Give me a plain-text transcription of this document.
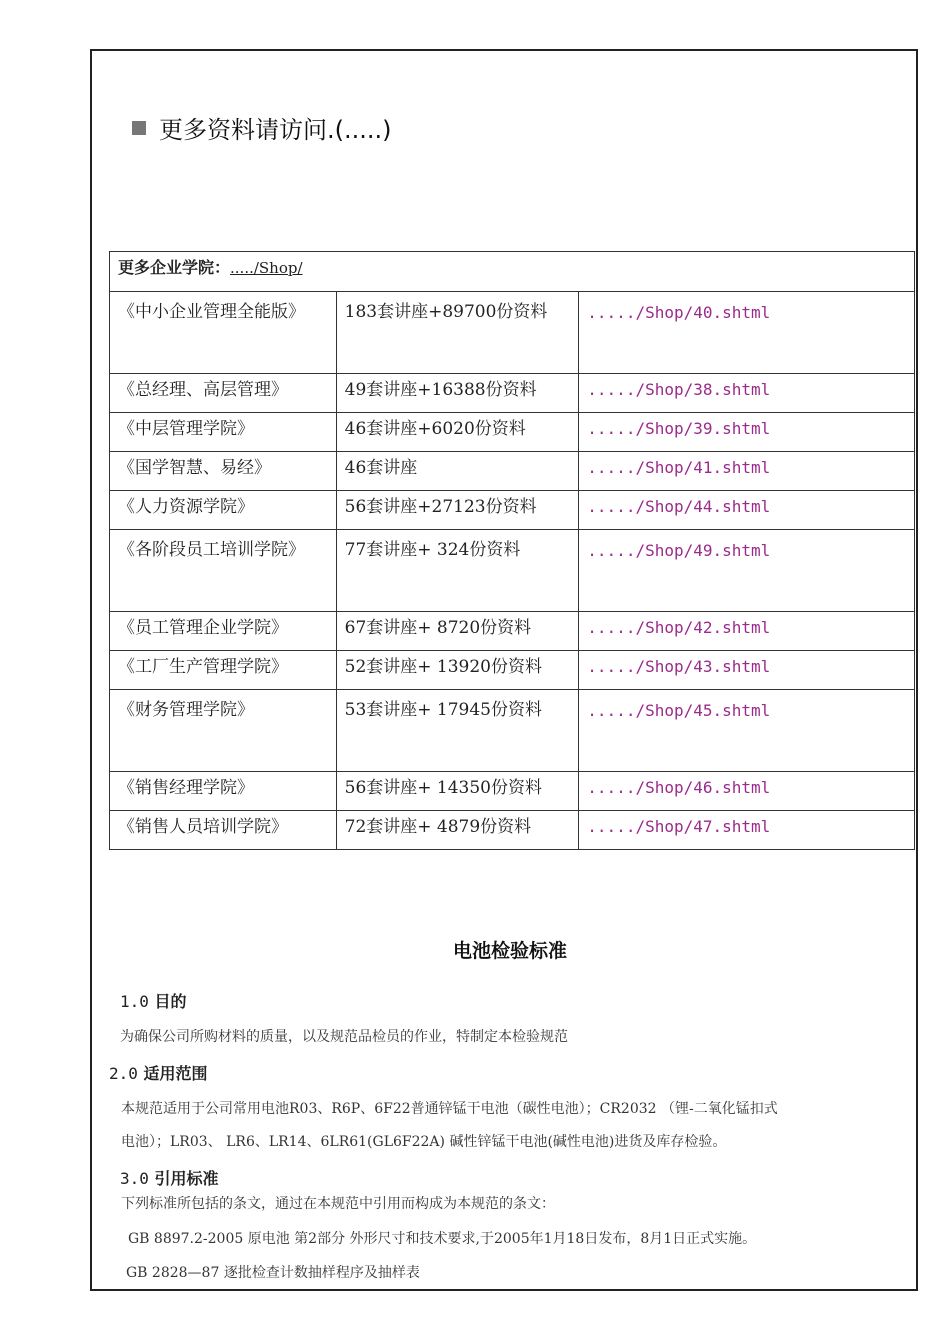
更多资料请访问.(.....)
更多企业学院：...../Shop/		
《中小企业管理全能版》	183套讲座+89700份资料	...../Shop/40.shtml
《总经理、高层管理》	49套讲座+16388份资料	...../Shop/38.shtml
《中层管理学院》	46套讲座+6020份资料	...../Shop/39.shtml
《国学智慧、易经》	46套讲座	...../Shop/41.shtml
《人力资源学院》	56套讲座+27123份资料	...../Shop/44.shtml
《各阶段员工培训学院》	77套讲座+ 324份资料	...../Shop/49.shtml
《员工管理企业学院》	67套讲座+ 8720份资料	...../Shop/42.shtml
《工厂生产管理学院》	52套讲座+ 13920份资料	...../Shop/43.shtml
《财务管理学院》	53套讲座+ 17945份资料	...../Shop/45.shtml
《销售经理学院》	56套讲座+ 14350份资料	...../Shop/46.shtml
《销售人员培训学院》	72套讲座+ 4879份资料	...../Shop/47.shtml
电池检验标准
1.0 目的
为确保公司所购材料的质量，以及规范品检员的作业，特制定本检验规范
2.0 适用范围
本规范适用于公司常用电池R03、R6P、6F22普通锌锰干电池（碳性电池）；CR2032 （锂-二氧化锰扣式
电池）；LR03、 LR6、LR14、6LR61(GL6F22A) 碱性锌锰干电池(碱性电池)进货及库存检验。
3.0 引用标准
下列标准所包括的条文，通过在本规范中引用而构成为本规范的条文：
GB 8897.2-2005 原电池 第2部分 外形尺寸和技术要求,于2005年1月18日发布，8月1日正式实施。
GB 2828—87 逐批检查计数抽样程序及抽样表
